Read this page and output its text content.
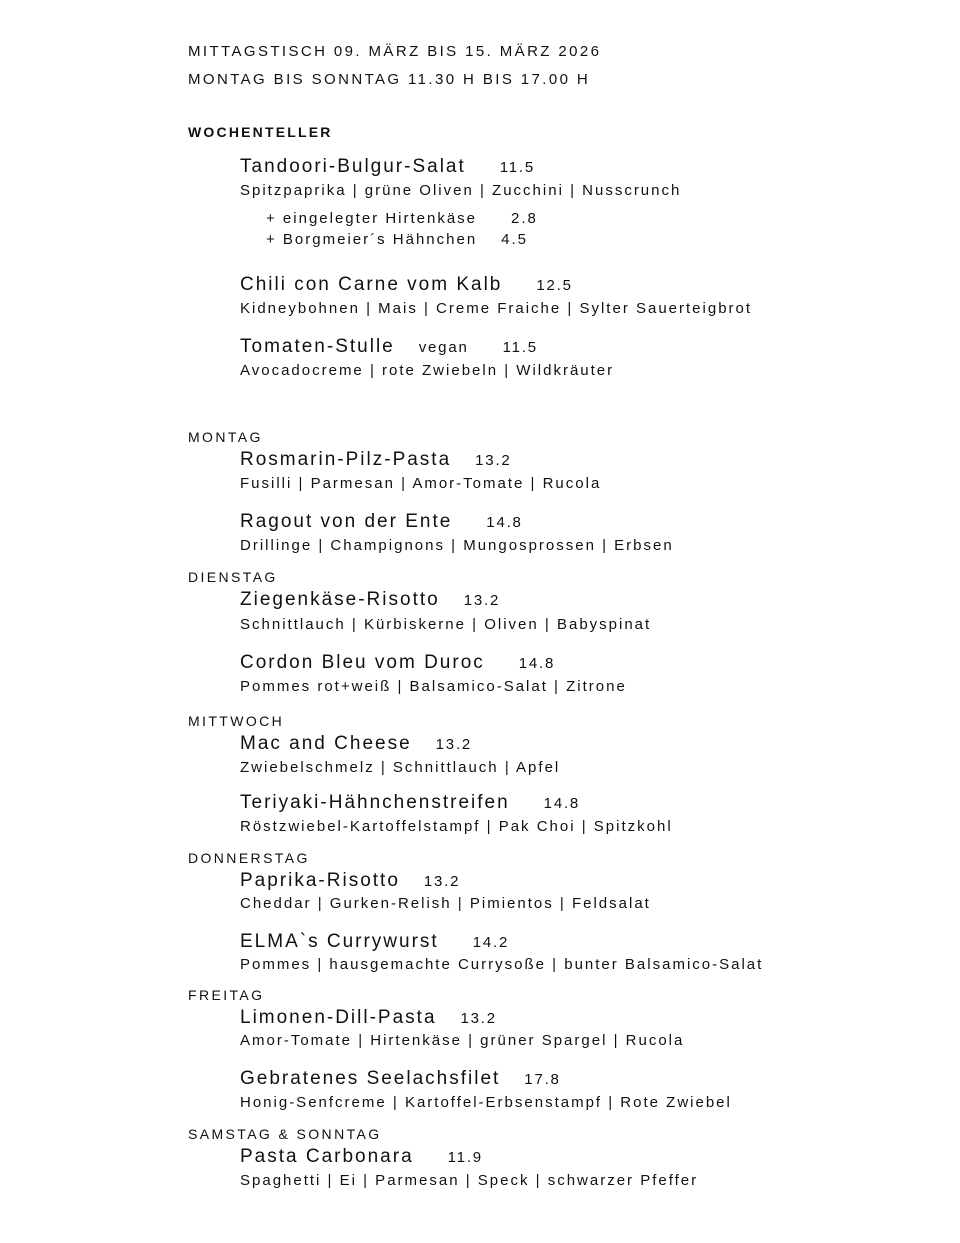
MITTAGSTISCH 09. MÄRZ BIS 15. MÄRZ 2026
MONTAG BIS SONNTAG 11.30 H BIS 17.00 H
WOCHENTELLER
Tandoori-Bulgur-Salat 11.5
Spitzpaprika | grüne Oliven | Zucchini | Nusscrunch
+ eingelegter Hirtenkäse 2.8
+ Borgmeier´s Hähnchen 4.5
Chili con Carne vom Kalb 12.5
Kidneybohnen | Mais | Creme Fraiche | Sylter Sauerteigbrot
Tomaten-Stulle vegan 11.5
Avocadocreme | rote Zwiebeln | Wildkräuter
MONTAG
Rosmarin-Pilz-Pasta 13.2
Fusilli | Parmesan | Amor-Tomate | Rucola
Ragout von der Ente 14.8
Drillinge | Champignons | Mungosprossen | Erbsen
DIENSTAG
Ziegenkäse-Risotto 13.2
Schnittlauch | Kürbiskerne | Oliven | Babyspinat
Cordon Bleu vom Duroc 14.8
Pommes rot+weiß | Balsamico-Salat | Zitrone
MITTWOCH
Mac and Cheese 13.2
Zwiebelschmelz | Schnittlauch | Apfel
Teriyaki-Hähnchenstreifen 14.8
Röstzwiebel-Kartoffelstampf | Pak Choi | Spitzkohl
DONNERSTAG
Paprika-Risotto 13.2
Cheddar | Gurken-Relish | Pimientos | Feldsalat
ELMA`s Currywurst 14.2
Pommes | hausgemachte Currysoße | bunter Balsamico-Salat
FREITAG
Limonen-Dill-Pasta 13.2
Amor-Tomate | Hirtenkäse | grüner Spargel | Rucola
Gebratenes Seelachsfilet 17.8
Honig-Senfcreme | Kartoffel-Erbsenstampf | Rote Zwiebel
SAMSTAG & SONNTAG
Pasta Carbonara 11.9
Spaghetti | Ei | Parmesan | Speck | schwarzer Pfeffer
